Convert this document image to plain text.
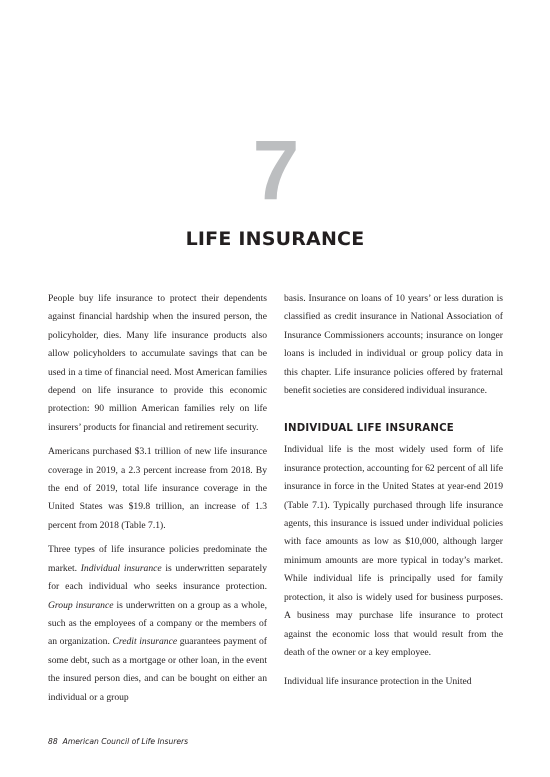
7
LIFE INSURANCE

People buy life insurance to protect their dependents against financial hardship when the insured person, the policyholder, dies. Many life insurance products also allow policyholders to accumulate savings that can be used in a time of financial need. Most American families depend on life insurance to provide this economic protection: 90 million American families rely on life insurers’ products for financial and retirement security.

Americans purchased $3.1 trillion of new life insurance coverage in 2019, a 2.3 percent increase from 2018. By the end of 2019, total life insurance coverage in the United States was $19.8 trillion, an increase of 1.3 percent from 2018 (Table 7.1).

Three types of life insurance policies predominate the market. Individual insurance is underwritten separately for each individual who seeks insurance protection. Group insurance is underwritten on a group as a whole, such as the employees of a company or the members of an organization. Credit insurance guarantees payment of some debt, such as a mortgage or other loan, in the event the insured person dies, and can be bought on either an individual or a group

basis. Insurance on loans of 10 years’ or less duration is classified as credit insurance in National Association of Insurance Commissioners accounts; insurance on longer loans is included in individual or group policy data in this chapter. Life insurance policies offered by fraternal benefit societies are considered individual insurance.

INDIVIDUAL LIFE INSURANCE

Individual life is the most widely used form of life insurance protection, accounting for 62 percent of all life insurance in force in the United States at year-end 2019 (Table 7.1). Typically purchased through life insurance agents, this insurance is issued under individual policies with face amounts as low as $10,000, although larger minimum amounts are more typical in today’s market. While individual life is principally used for family protection, it also is widely used for business purposes. A business may purchase life insurance to protect against the economic loss that would result from the death of the owner or a key employee.

Individual life insurance protection in the United

88 American Council of Life Insurers
